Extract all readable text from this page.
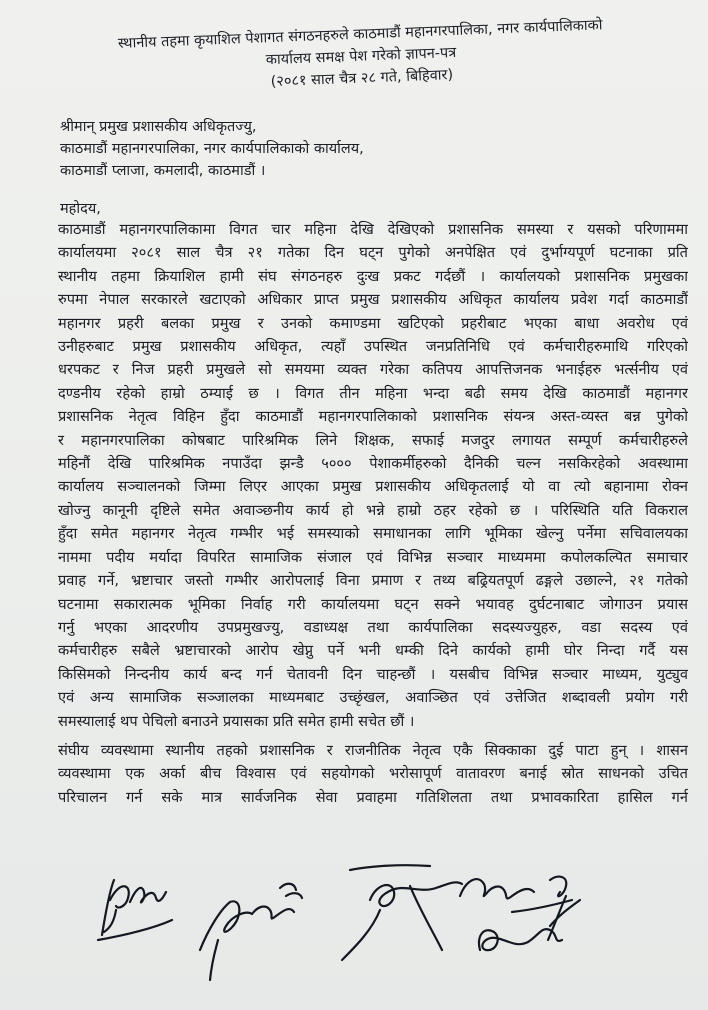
स्थानीय तहमा कृयाशिल पेशागत संगठनहरुले काठमाडौं महानगरपालिका, नगर कार्यपालिकाको
कार्यालय समक्ष पेश गरेको ज्ञापन-पत्र
(२०८१ साल चैत्र २८ गते, बिहिवार)
श्रीमान् प्रमुख प्रशासकीय अधिकृतज्यु,
काठमाडौं महानगरपालिका, नगर कार्यपालिकाको कार्यालय,
काठमाडौं प्लाजा, कमलादी, काठमाडौं ।
महोदय,
काठमाडौं महानगरपालिकामा विगत चार महिना देखि देखिएको प्रशासनिक समस्या र यसको परिणाममा
कार्यालयमा २०८१ साल चैत्र २१ गतेका दिन घट्न पुगेको अनपेक्षित एवं दुर्भाग्यपूर्ण घटनाका प्रति
स्थानीय तहमा क्रियाशिल हामी संघ संगठनहरु दुःख प्रकट गर्दछौं । कार्यालयको प्रशासनिक प्रमुखका
रुपमा नेपाल सरकारले खटाएको अधिकार प्राप्त प्रमुख प्रशासकीय अधिकृत कार्यालय प्रवेश गर्दा काठमाडौं
महानगर प्रहरी बलका प्रमुख र उनको कमाण्डमा खटिएको प्रहरीबाट भएका बाधा अवरोध एवं
उनीहरुबाट प्रमुख प्रशासकीय अधिकृत, त्यहाँ उपस्थित जनप्रतिनिधि एवं कर्मचारीहरुमाथि गरिएको
धरपकट र निज प्रहरी प्रमुखले सो समयमा व्यक्त गरेका कतिपय आपत्तिजनक भनाईहरु भर्त्सनीय एवं
दण्डनीय रहेको हाम्रो ठम्याई छ । विगत तीन महिना भन्दा बढी समय देखि काठमाडौं महानगर
प्रशासनिक नेतृत्व विहिन हुँदा काठमाडौं महानगरपालिकाको प्रशासनिक संयन्त्र अस्त-व्यस्त बन्न पुगेको
र महानगरपालिका कोषबाट पारिश्रमिक लिने शिक्षक, सफाई मजदुर लगायत सम्पूर्ण कर्मचारीहरुले
महिनौं देखि पारिश्रमिक नपाउँदा झन्डै ५००० पेशाकर्मीहरुको दैनिकी चल्न नसकिरहेको अवस्थामा
कार्यालय सञ्चालनको जिम्मा लिएर आएका प्रमुख प्रशासकीय अधिकृतलाई यो वा त्यो बहानामा रोक्न
खोज्नु कानूनी दृष्टिले समेत अवाञ्छनीय कार्य हो भन्ने हाम्रो ठहर रहेको छ । परिस्थिति यति विकराल
हुँदा समेत महानगर नेतृत्व गम्भीर भई समस्याको समाधानका लागि भूमिका खेल्नु पर्नेमा सचिवालयका
नाममा पदीय मर्यादा विपरित सामाजिक संजाल एवं विभिन्न सञ्चार माध्यममा कपोलकल्पित समाचार
प्रवाह गर्ने, भ्रष्टाचार जस्तो गम्भीर आरोपलाई विना प्रमाण र तथ्य बढ्रियतपूर्ण ढङ्गले उछाल्ने, २१ गतेको
घटनामा सकारात्मक भूमिका निर्वाह गरी कार्यालयमा घट्न सक्ने भयावह दुर्घटनाबाट जोगाउन प्रयास
गर्नु भएका आदरणीय उपप्रमुखज्यु, वडाध्यक्ष तथा कार्यपालिका सदस्यज्युहरु, वडा सदस्य एवं
कर्मचारीहरु सबैले भ्रष्टाचारको आरोप खेप्नु पर्ने भनी धम्की दिने कार्यको हामी घोर निन्दा गर्दै यस
किसिमको निन्दनीय कार्य बन्द गर्न चेतावनी दिन चाहन्छौं । यसबीच विभिन्न सञ्चार माध्यम, युट्युव
एवं अन्य सामाजिक सञ्जालका माध्यमबाट उच्छृंखल, अवाञ्छित एवं उत्तेजित शब्दावली प्रयोग गरी
समस्यालाई थप पेचिलो बनाउने प्रयासका प्रति समेत हामी सचेत छौं ।
संघीय व्यवस्थामा स्थानीय तहको प्रशासनिक र राजनीतिक नेतृत्व एकै सिक्काका दुई पाटा हुन् । शासन
व्यवस्थामा एक अर्का बीच विश्वास एवं सहयोगको भरोसापूर्ण वातावरण बनाई स्रोत साधनको उचित
परिचालन गर्न सके मात्र सार्वजनिक सेवा प्रवाहमा गतिशिलता तथा प्रभावकारिता हासिल गर्न
